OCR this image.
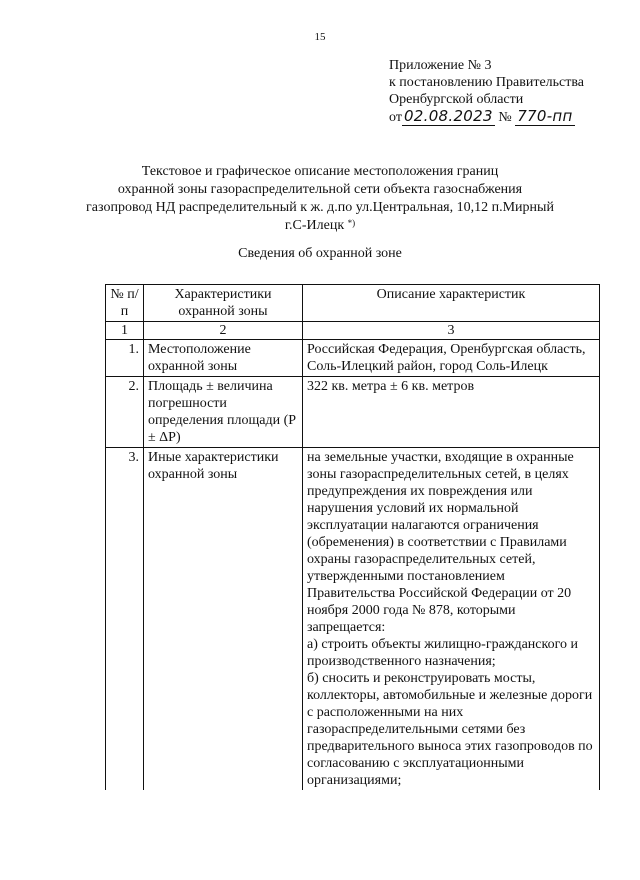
15
Приложение № 3
к постановлению Правительства
Оренбургской области
от 02.08.2023 № 770-пп
Текстовое и графическое описание местоположения границ
охранной зоны газораспределительной сети объекта газоснабжения
газопровод НД распределительный к ж. д.по ул.Центральная, 10,12 п.Мирный
г.С-Илецк *)
Сведения об охранной зоне
№ п/п	Характеристики охранной зоны	Описание характеристик
1	2	3
1.	Местоположение охранной зоны	Российская Федерация, Оренбургская область, Соль-Илецкий район, город Соль-Илецк
2.	Площадь ± величина погрешности определения площади (Р ± ΔР)	322 кв. метра ± 6 кв. метров
3.	Иные характеристики охранной зоны	на земельные участки, входящие в охранные зоны газораспределительных сетей, в целях предупреждения их повреждения или нарушения условий их нормальной эксплуатации налагаются ограничения (обременения) в соответствии с Правилами охраны газораспределительных сетей, утвержденными постановлением Правительства Российской Федерации от 20 ноября 2000 года № 878, которыми запрещается:
а) строить объекты жилищно-гражданского и производственного назначения;
б) сносить и реконструировать мосты, коллекторы, автомобильные и железные дороги с расположенными на них газораспределительными сетями без предварительного выноса этих газопроводов по согласованию с эксплуатационными организациями;
